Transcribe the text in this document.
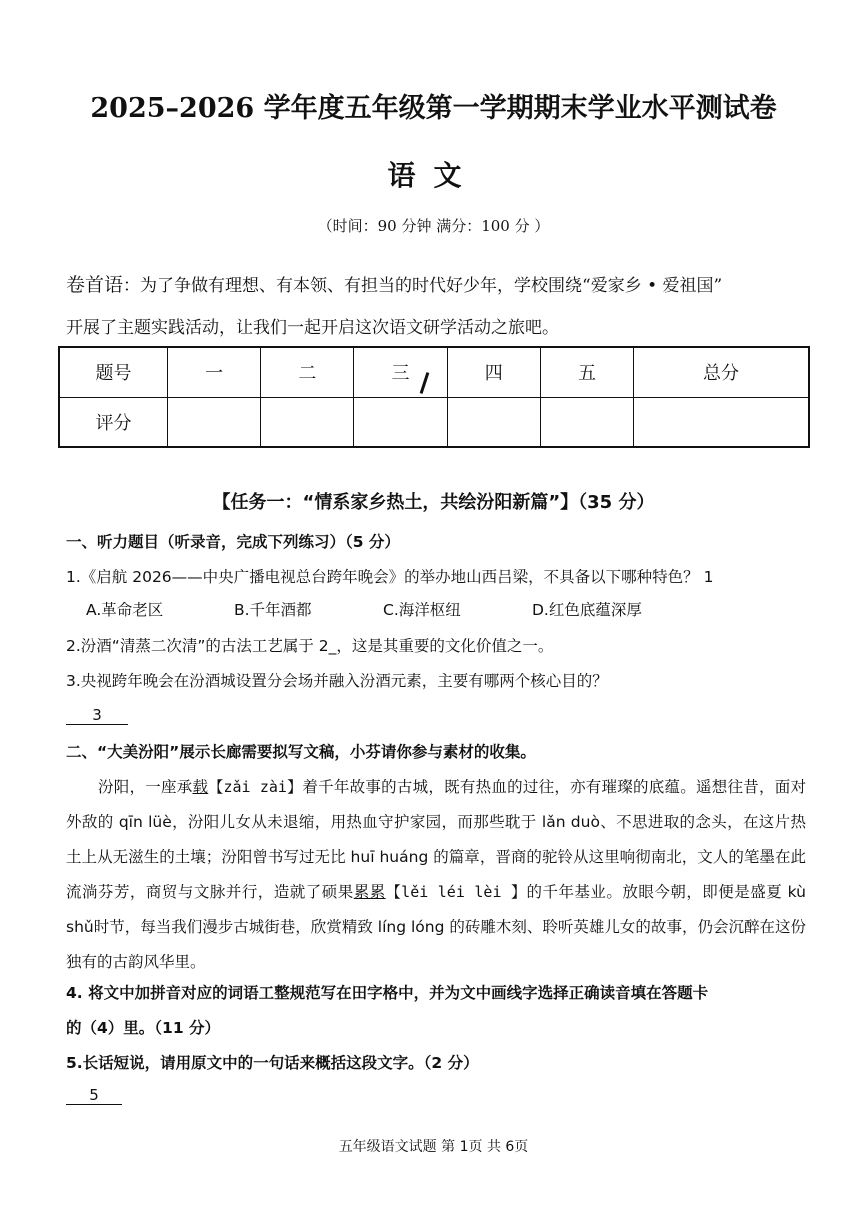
2025–2026 学年度五年级第一学期期末学业水平测试卷
语文
（时间：90 分钟 满分：100 分 ）
卷首语：为了争做有理想、有本领、有担当的时代好少年，学校围绕“爱家乡 • 爱祖国”
开展了主题实践活动，让我们一起开启这次语文研学活动之旅吧。
题号	一	二	三	四	五	总分
评分						
【任务一：“情系家乡热土，共绘汾阳新篇”】（35 分）
一、听力题目（听录音，完成下列练习）（5 分）
1.《启航 2026——中央广播电视总台跨年晚会》的举办地山西吕梁，不具备以下哪种特色？ 1
A.革命老区	B.千年酒都	C.海洋枢纽	D.红色底蕴深厚
2.汾酒“清蒸二次清”的古法工艺属于 2_，这是其重要的文化价值之一。
3.央视跨年晚会在汾酒城设置分会场并融入汾酒元素，主要有哪两个核心目的？
3
二、“大美汾阳”展示长廊需要拟写文稿，小芬请你参与素材的收集。
汾阳，一座承载【zǎi zài】着千年故事的古城，既有热血的过往，亦有璀璨的底蕴。遥想往昔，面对外敌的 qīn lüè，汾阳儿女从未退缩，用热血守护家园，而那些耽于 lǎn duò、不思进取的念头，在这片热土上从无滋生的土壤；汾阳曾书写过无比 huī huáng 的篇章，晋商的驼铃从这里响彻南北，文人的笔墨在此流淌芬芳，商贸与文脉并行，造就了硕果累累【lěi léi lèi 】的千年基业。放眼今朝，即便是盛夏 kù shǔ时节，每当我们漫步古城街巷，欣赏精致 líng lóng 的砖雕木刻、聆听英雄儿女的故事，仍会沉醉在这份独有的古韵风华里。
4. 将文中加拼音对应的词语工整规范写在田字格中，并为文中画线字选择正确读音填在答题卡
的（4）里。（11 分）
5.长话短说，请用原文中的一句话来概括这段文字。（2 分）
5
五年级语文试题 第 1页 共 6页
